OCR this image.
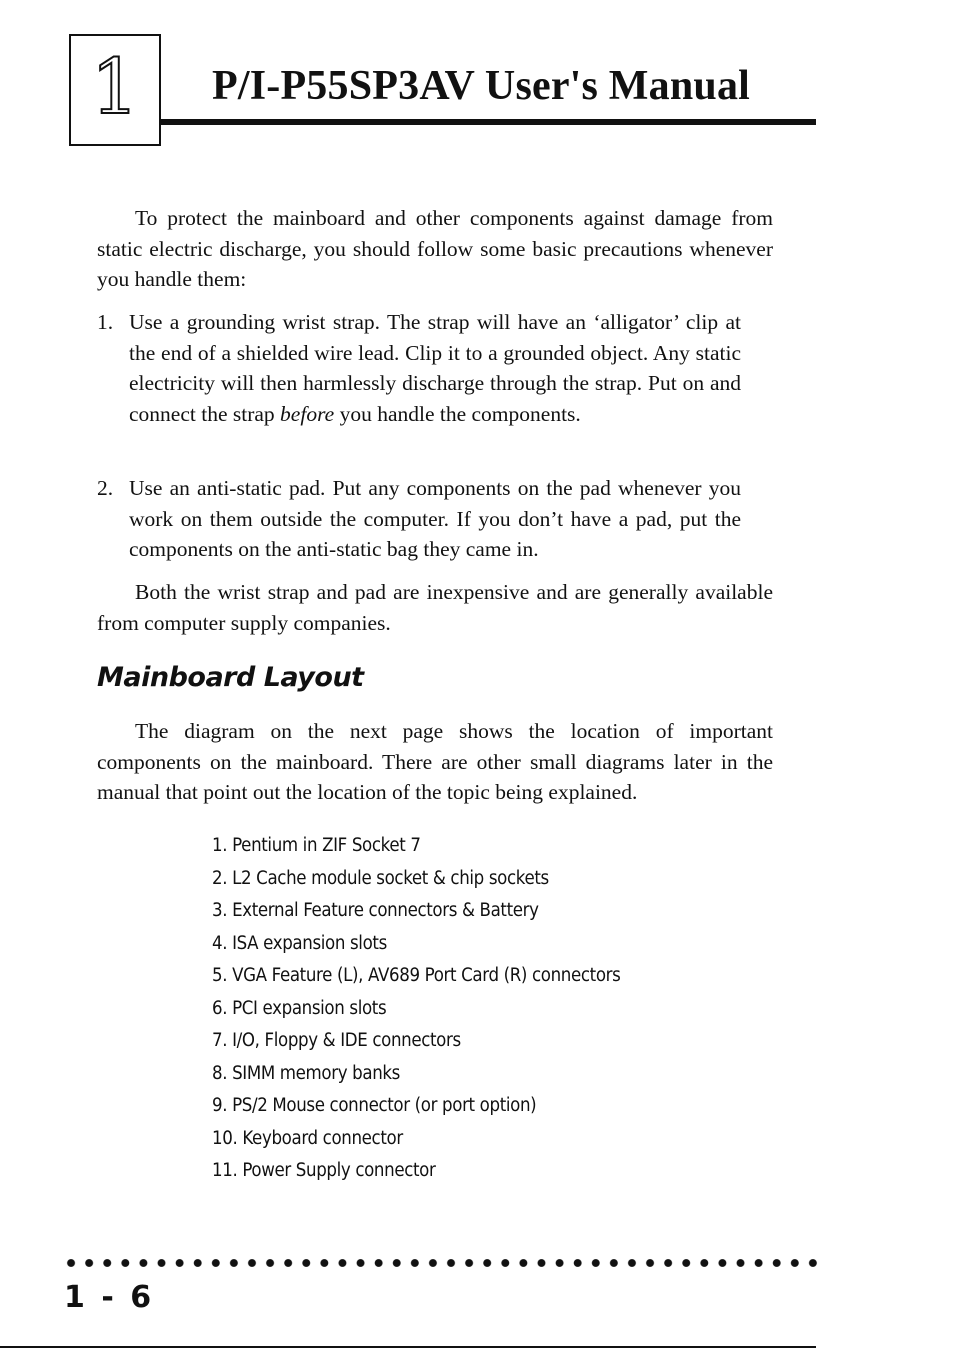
1 P/I-P55SP3AV User's Manual

To protect the mainboard and other components against damage from static electric discharge, you should follow some basic precautions whenever you handle them:

1. Use a grounding wrist strap. The strap will have an ‘alligator’ clip at the end of a shielded wire lead. Clip it to a grounded object. Any static electricity will then harmlessly discharge through the strap. Put on and connect the strap before you handle the components.
2. Use an anti-static pad. Put any components on the pad whenever you work on them outside the computer. If you don’t have a pad, put the components on the anti-static bag they came in.

Both the wrist strap and pad are inexpensive and are generally available from computer supply companies.

Mainboard Layout

The diagram on the next page shows the location of important components on the mainboard. There are other small diagrams later in the manual that point out the location of the topic being explained.

1. Pentium in ZIF Socket 7
2. L2 Cache module socket & chip sockets
3. External Feature connectors & Battery
4. ISA expansion slots
5. VGA Feature (L), AV689 Port Card (R) connectors
6. PCI expansion slots
7. I/O, Floppy & IDE connectors
8. SIMM memory banks
9. PS/2 Mouse connector (or port option)
10. Keyboard connector
11. Power Supply connector
1 - 6
